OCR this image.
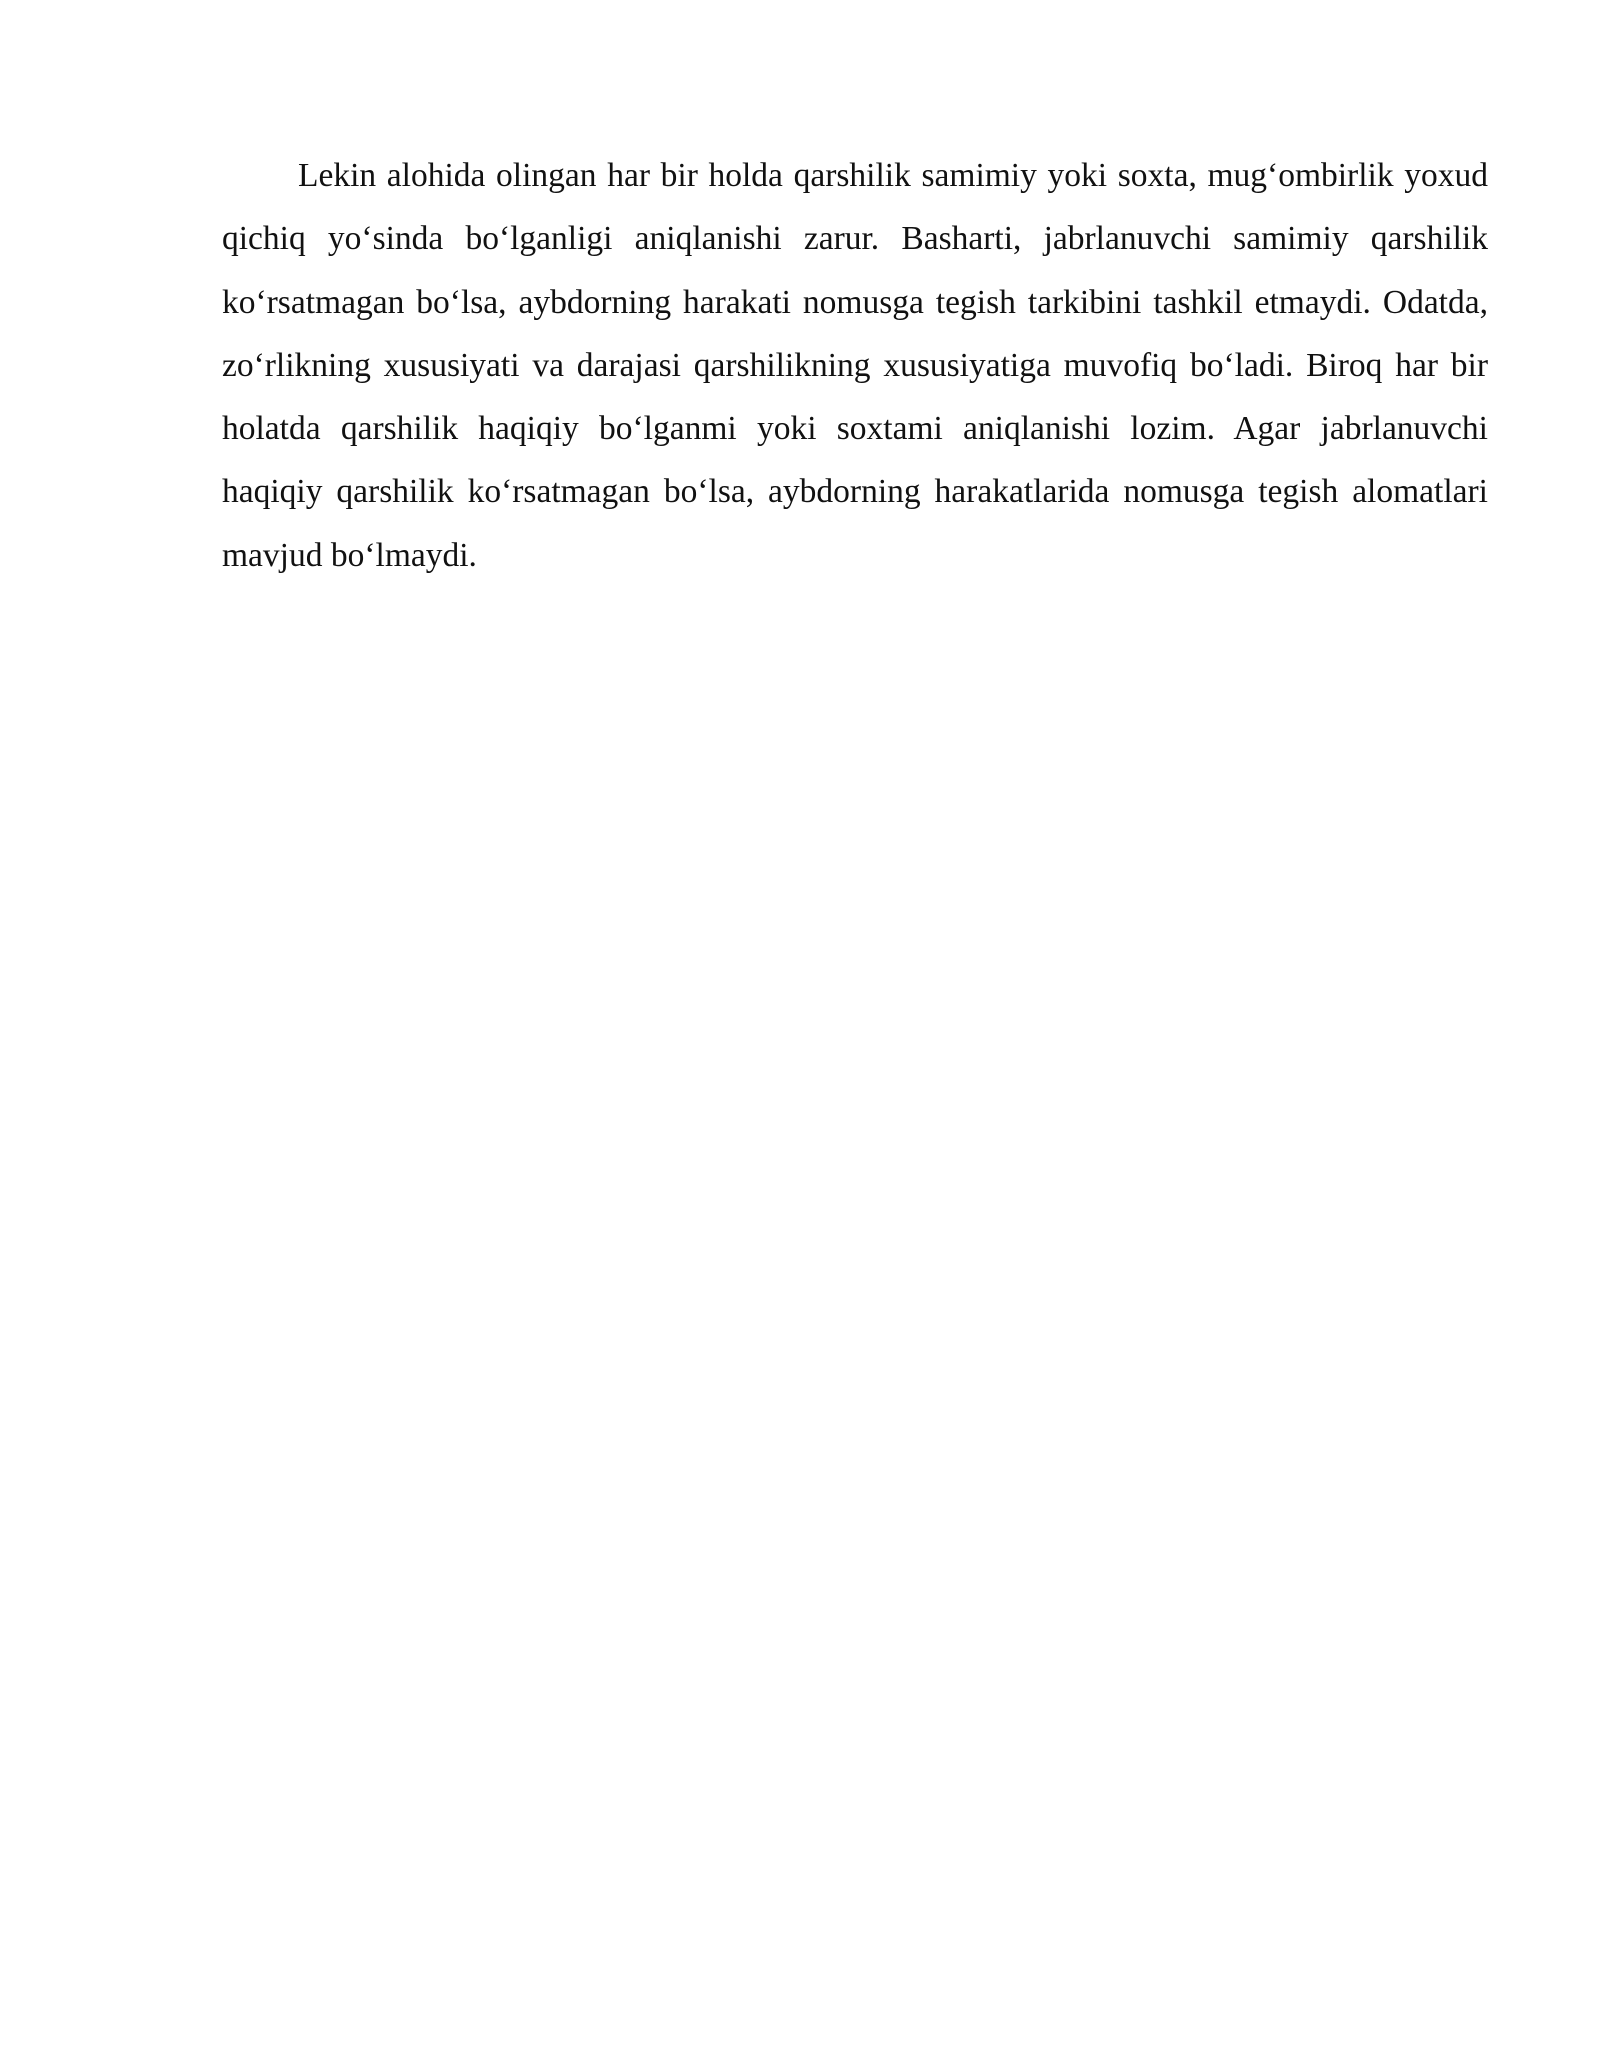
Lekin alohida olingan har bir holda qarshilik samimiy yoki soxta, mug‘ombirlik yoxud qichiq yo‘sinda bo‘lganligi aniqlanishi zarur. Basharti, jabrlanuvchi samimiy qarshilik ko‘rsatmagan bo‘lsa, aybdorning harakati nomusga tegish tarkibini tashkil etmaydi. Odatda, zo‘rlikning xususiyati va darajasi qarshilikning xususiyatiga muvofiq bo‘ladi. Biroq har bir holatda qarshilik haqiqiy bo‘lganmi yoki soxtami aniqlanishi lozim. Agar jabrlanuvchi haqiqiy qarshilik ko‘rsatmagan bo‘lsa, aybdorning harakatlarida nomusga tegish alomatlari mavjud bo‘lmaydi.
